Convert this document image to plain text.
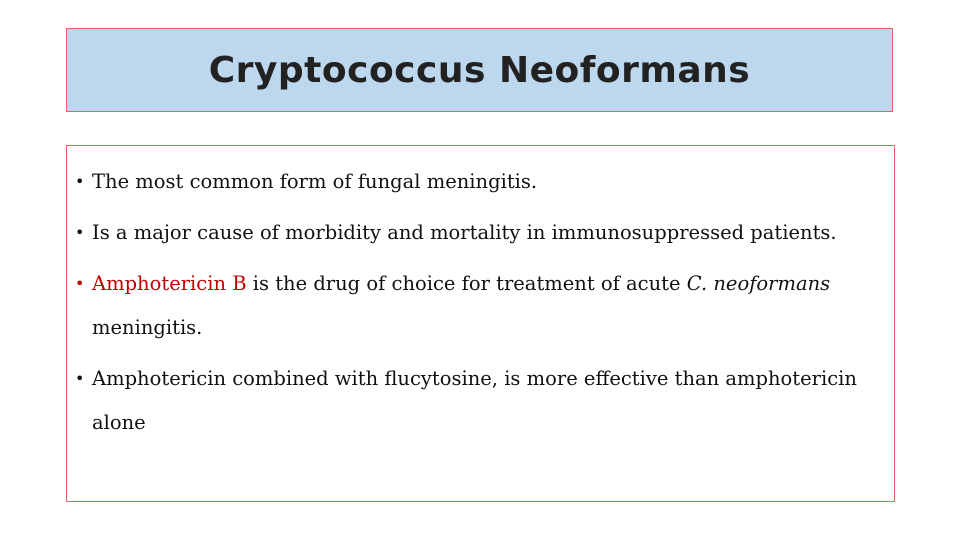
Cryptococcus Neoformans
• The most common form of fungal meningitis.
• Is a major cause of morbidity and mortality in immunosuppressed patients.
• Amphotericin B is the drug of choice for treatment of acute C. neoformans meningitis.
• Amphotericin combined with flucytosine, is more effective than amphotericin alone
